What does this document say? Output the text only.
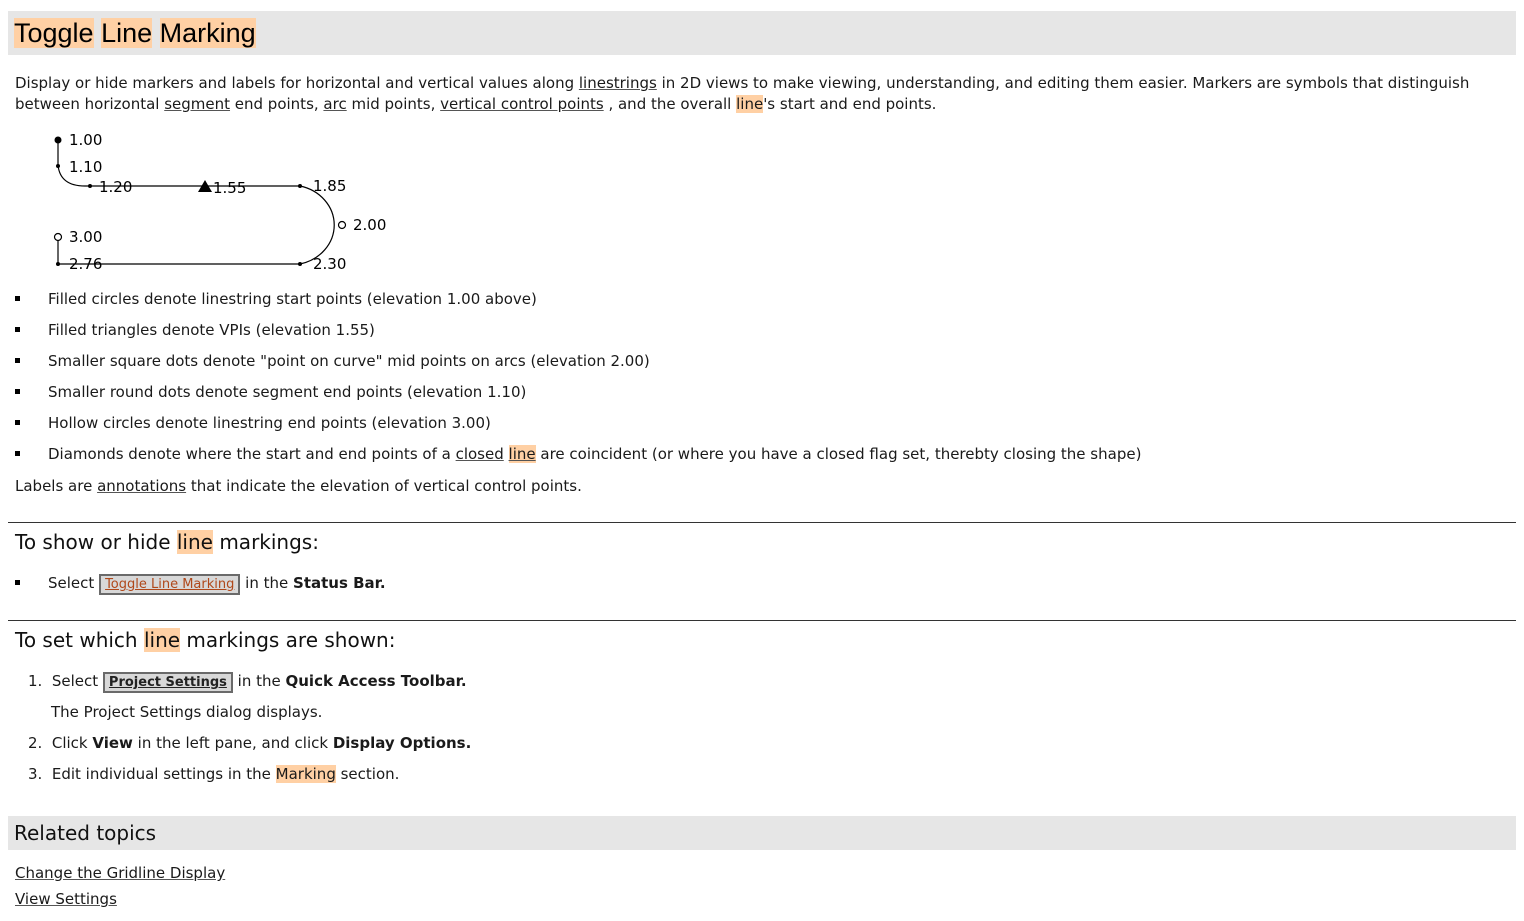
Toggle Line Marking
Display or hide markers and labels for horizontal and vertical values along linestrings in 2D views to make viewing, understanding, and editing them easier. Markers are symbols that distinguish between horizontal segment end points, arc mid points, vertical control points , and the overall line's start and end points.
1.00
1.10
1.20	1.55	1.85
2.00
3.00
2.76	2.30
Filled circles denote linestring start points (elevation 1.00 above)
Filled triangles denote VPIs (elevation 1.55)
Smaller square dots denote "point on curve" mid points on arcs (elevation 2.00)
Smaller round dots denote segment end points (elevation 1.10)
Hollow circles denote linestring end points (elevation 3.00)
Diamonds denote where the start and end points of a closed line are coincident (or where you have a closed flag set, therebty closing the shape)
Labels are annotations that indicate the elevation of vertical control points.
To show or hide line markings:
Select Toggle Line Marking in the Status Bar.
To set which line markings are shown:
1. Select Project Settings in the Quick Access Toolbar.
The Project Settings dialog displays.
2. Click View in the left pane, and click Display Options.
3. Edit individual settings in the Marking section.
Related topics
Change the Gridline Display
View Settings
